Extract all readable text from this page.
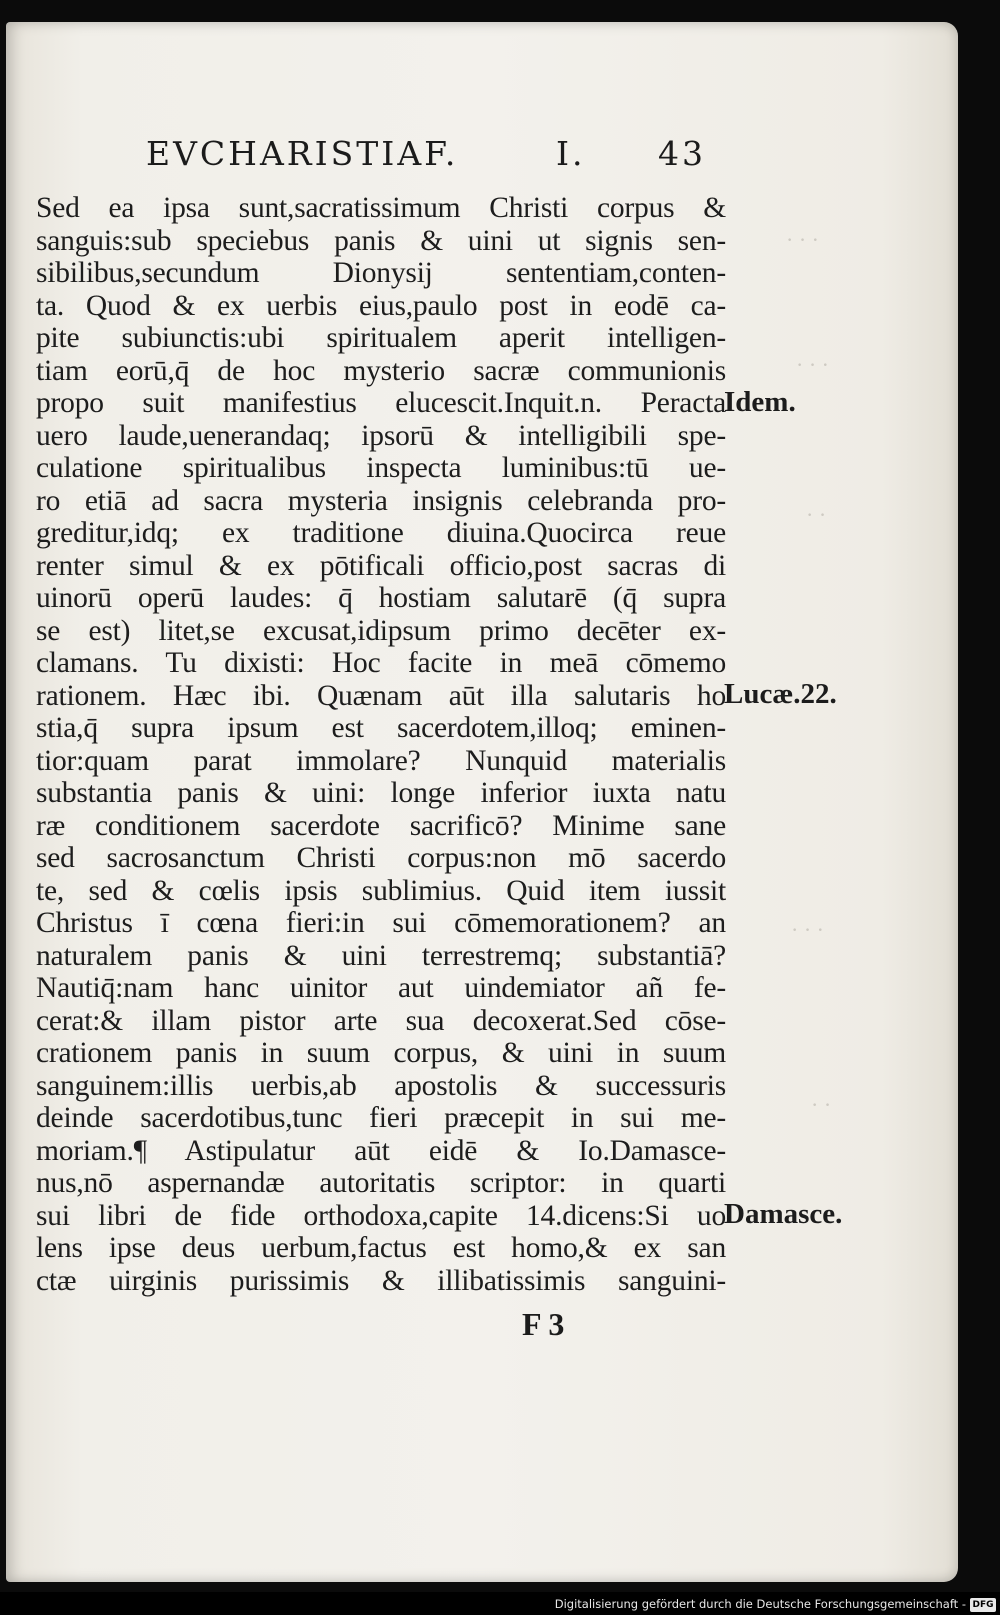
· · ·
· · ·
· ·
· · ·
· ·
EVCHARISTIAF.	I. 43
Sed ea ipsa sunt,sacratissimum Christi corpus &
sanguis:sub speciebus panis & uini ut signis sen-
sibilibus,secundum Dionysij sententiam,conten-
ta. Quod & ex uerbis eius,paulo post in eodē ca-
pite subiunctis:ubi spiritualem aperit intelligen-
tiam eorū,q̄ de hoc mysterio sacræ communionis
propo suit manifestius elucescit.Inquit.n. Peracta
uero laude,uenerandaq; ipsorū & intelligibili spe-
culatione spiritualibus inspecta luminibus:tū ue-
ro etiā ad sacra mysteria insignis celebranda pro-
greditur,idq; ex traditione diuina.Quocirca reue
renter simul & ex pōtificali officio,post sacras di
uinorū operū laudes: q̄ hostiam salutarē (q̄ supra
se est) litet,se excusat,idipsum primo decēter ex-
clamans. Tu dixisti: Hoc facite in meā cōmemo
rationem. Hæc ibi. Quænam aūt illa salutaris ho
stia,q̄ supra ipsum est sacerdotem,illoq; eminen-
tior:quam parat immolare? Nunquid materialis
substantia panis & uini: longe inferior iuxta natu
ræ conditionem sacerdote sacrificō? Minime sane
sed sacrosanctum Christi corpus:non mō sacerdo
te, sed & cœlis ipsis sublimius. Quid item iussit
Christus ī cœna fieri:in sui cōmemorationem? an
naturalem panis & uini terrestremq; substantiā?
Nautiq̄:nam hanc uinitor aut uindemiator añ fe-
cerat:& illam pistor arte sua decoxerat.Sed cōse-
crationem panis in suum corpus, & uini in suum
sanguinem:illis uerbis,ab apostolis & successuris
deinde sacerdotibus,tunc fieri præcepit in sui me-
moriam.¶ Astipulatur aūt eidē & Io.Damasce-
nus,nō aspernandæ autoritatis scriptor: in quarti
sui libri de fide orthodoxa,capite 14.dicens:Si uo
lens ipse deus uerbum,factus est homo,& ex san
ctæ uirginis purissimis & illibatissimis sanguini-
Idem.
Lucæ.22.
Damasce.
F 3
Digitalisierung gefördert durch die Deutsche Forschungsgemeinschaft - DFG
